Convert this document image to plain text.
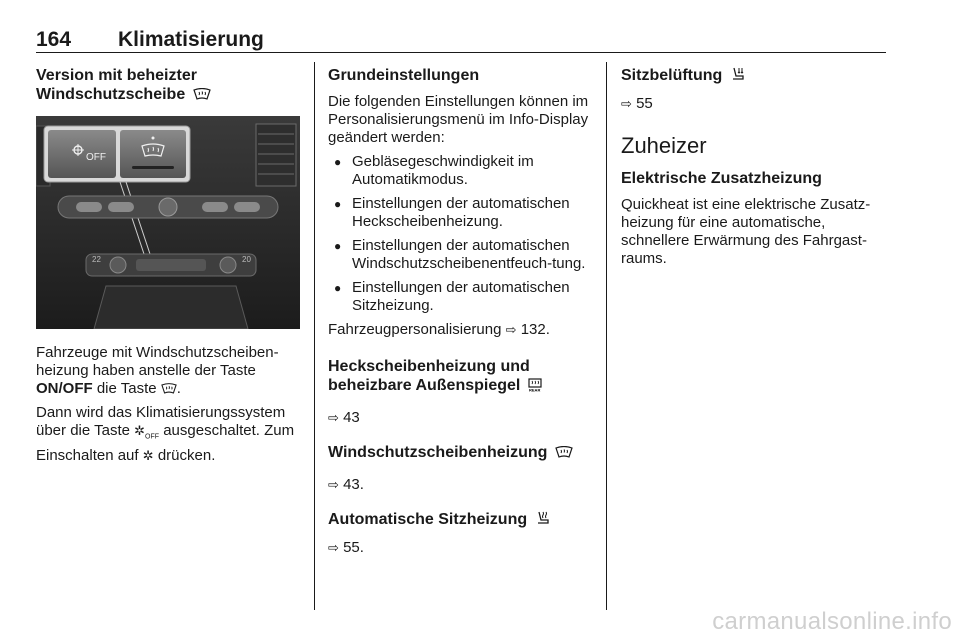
164 Klimatisierung
Version mit beheizter
Windschutzscheibe
OFF
22	20

Fahrzeuge mit Windschutzscheiben-heizung haben anstelle der Taste ON/OFF die Taste .

Dann wird das Klimatisierungssystem über die Taste $✲_{OFF}$ ausgeschaltet. Zum Einschalten auf ✲ drücken.

Grundeinstellungen

Die folgenden Einstellungen können im Personalisierungsmenü im Info-Display geändert werden:

● Gebläsegeschwindigkeit im Automatikmodus.
● Einstellungen der automatischen Heckscheibenheizung.
● Einstellungen der automatischen Windschutzscheibenentfeuch-tung.
● Einstellungen der automatischen Sitzheizung.

Fahrzeugpersonalisierung ⇨ 132.

Heckscheibenheizung und
beheizbare Außenspiegel REAR

⇨ 43

Windschutzscheibenheizung

⇨ 43.

Automatische Sitzheizung

⇨ 55.

Sitzbelüftung

⇨ 55

Zuheizer
Elektrische Zusatzheizung

Quickheat ist eine elektrische Zusatz-heizung für eine automatische, schnellere Erwärmung des Fahrgast-raums.

carmanualsonline.info
